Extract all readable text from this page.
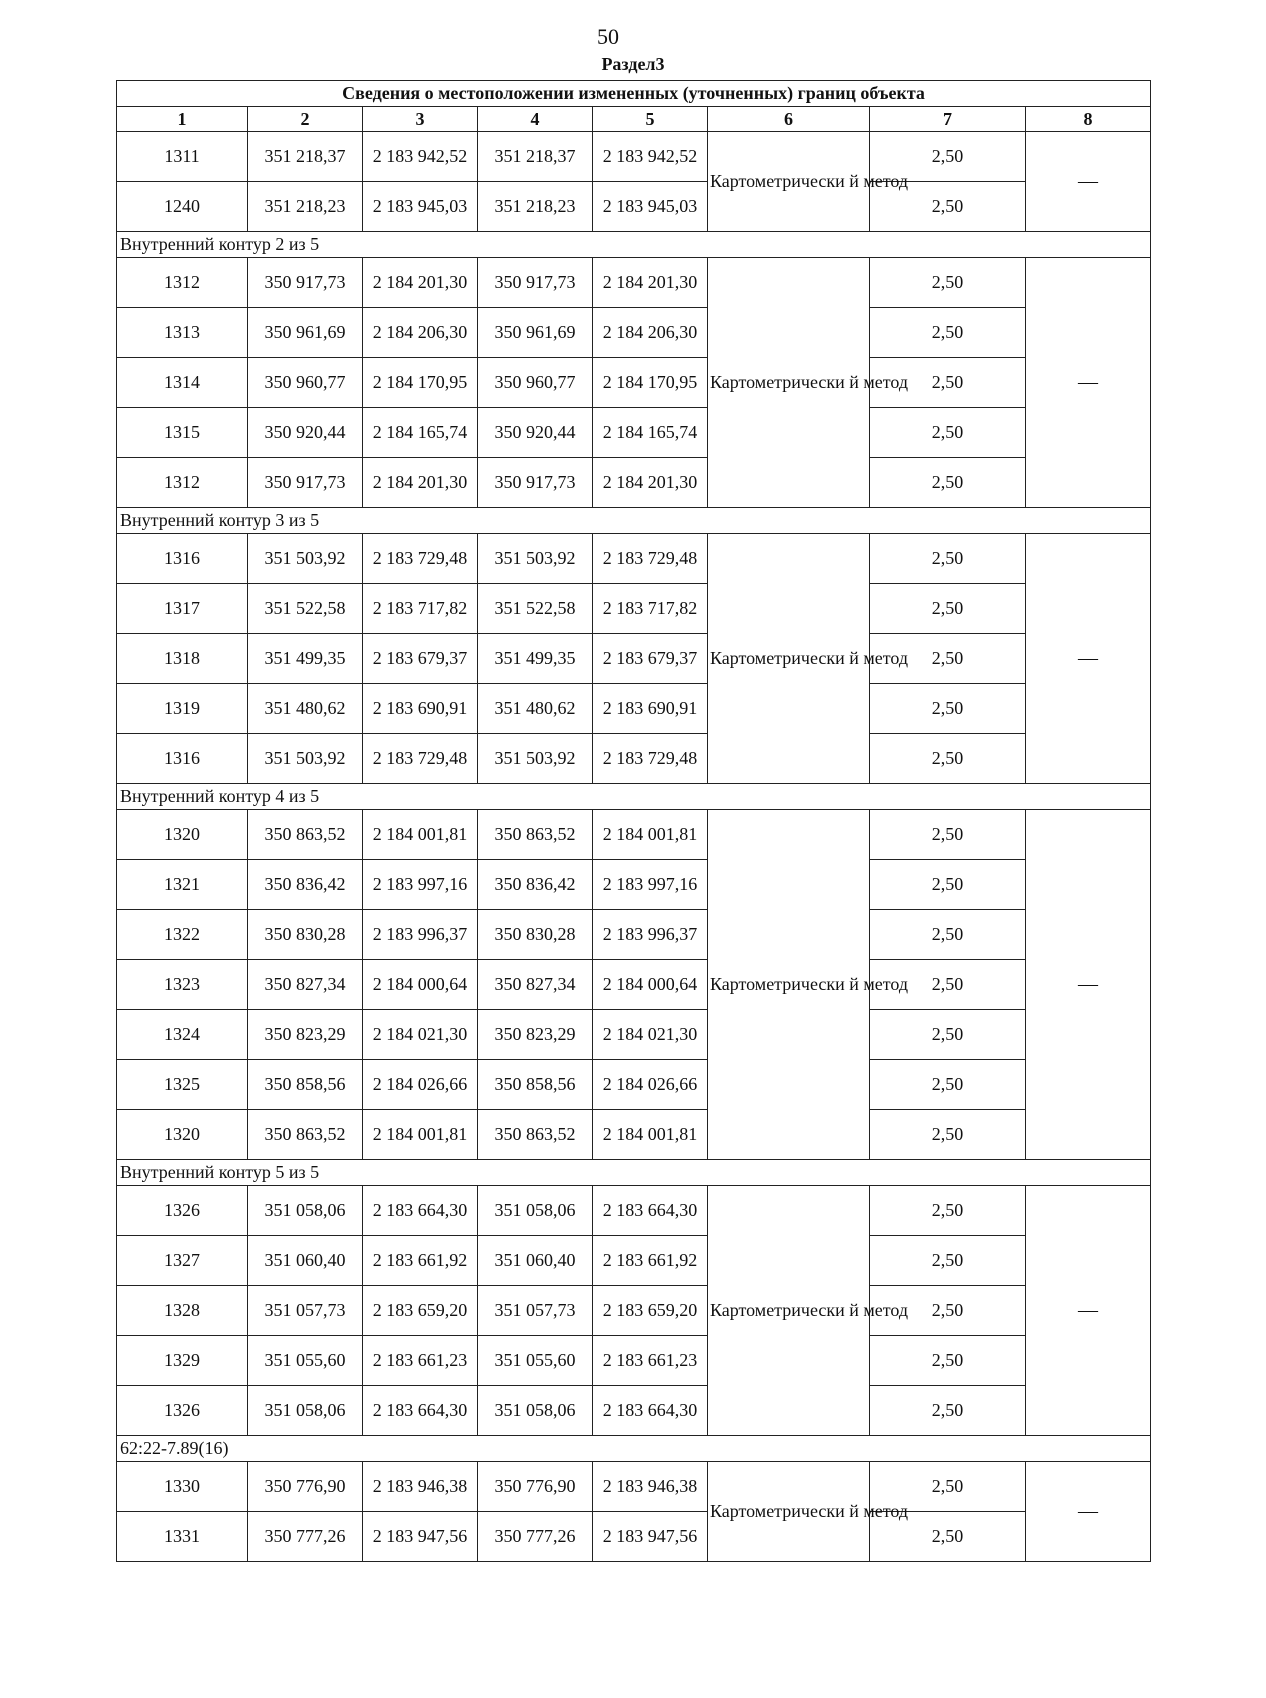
50
Раздел3
Сведения о местоположении измененных (уточненных) границ объекта							
1	2	3	4	5	6	7	8
1311	351 218,37	2 183 942,52	351 218,37	2 183 942,52	Картометрически й метод	2,50	—
1240	351 218,23	2 183 945,03	351 218,23	2 183 945,03		2,50	
Внутренний контур 2 из 5							
1312	350 917,73	2 184 201,30	350 917,73	2 184 201,30	Картометрически й метод	2,50	—
1313	350 961,69	2 184 206,30	350 961,69	2 184 206,30		2,50	
1314	350 960,77	2 184 170,95	350 960,77	2 184 170,95		2,50	
1315	350 920,44	2 184 165,74	350 920,44	2 184 165,74		2,50	
1312	350 917,73	2 184 201,30	350 917,73	2 184 201,30		2,50	
Внутренний контур 3 из 5							
1316	351 503,92	2 183 729,48	351 503,92	2 183 729,48	Картометрически й метод	2,50	—
1317	351 522,58	2 183 717,82	351 522,58	2 183 717,82		2,50	
1318	351 499,35	2 183 679,37	351 499,35	2 183 679,37		2,50	
1319	351 480,62	2 183 690,91	351 480,62	2 183 690,91		2,50	
1316	351 503,92	2 183 729,48	351 503,92	2 183 729,48		2,50	
Внутренний контур 4 из 5							
1320	350 863,52	2 184 001,81	350 863,52	2 184 001,81	Картометрически й метод	2,50	—
1321	350 836,42	2 183 997,16	350 836,42	2 183 997,16		2,50	
1322	350 830,28	2 183 996,37	350 830,28	2 183 996,37		2,50	
1323	350 827,34	2 184 000,64	350 827,34	2 184 000,64		2,50	
1324	350 823,29	2 184 021,30	350 823,29	2 184 021,30		2,50	
1325	350 858,56	2 184 026,66	350 858,56	2 184 026,66		2,50	
1320	350 863,52	2 184 001,81	350 863,52	2 184 001,81		2,50	
Внутренний контур 5 из 5							
1326	351 058,06	2 183 664,30	351 058,06	2 183 664,30	Картометрически й метод	2,50	—
1327	351 060,40	2 183 661,92	351 060,40	2 183 661,92		2,50	
1328	351 057,73	2 183 659,20	351 057,73	2 183 659,20		2,50	
1329	351 055,60	2 183 661,23	351 055,60	2 183 661,23		2,50	
1326	351 058,06	2 183 664,30	351 058,06	2 183 664,30		2,50	
62:22-7.89(16)							
1330	350 776,90	2 183 946,38	350 776,90	2 183 946,38	Картометрически й метод	2,50	—
1331	350 777,26	2 183 947,56	350 777,26	2 183 947,56		2,50	
